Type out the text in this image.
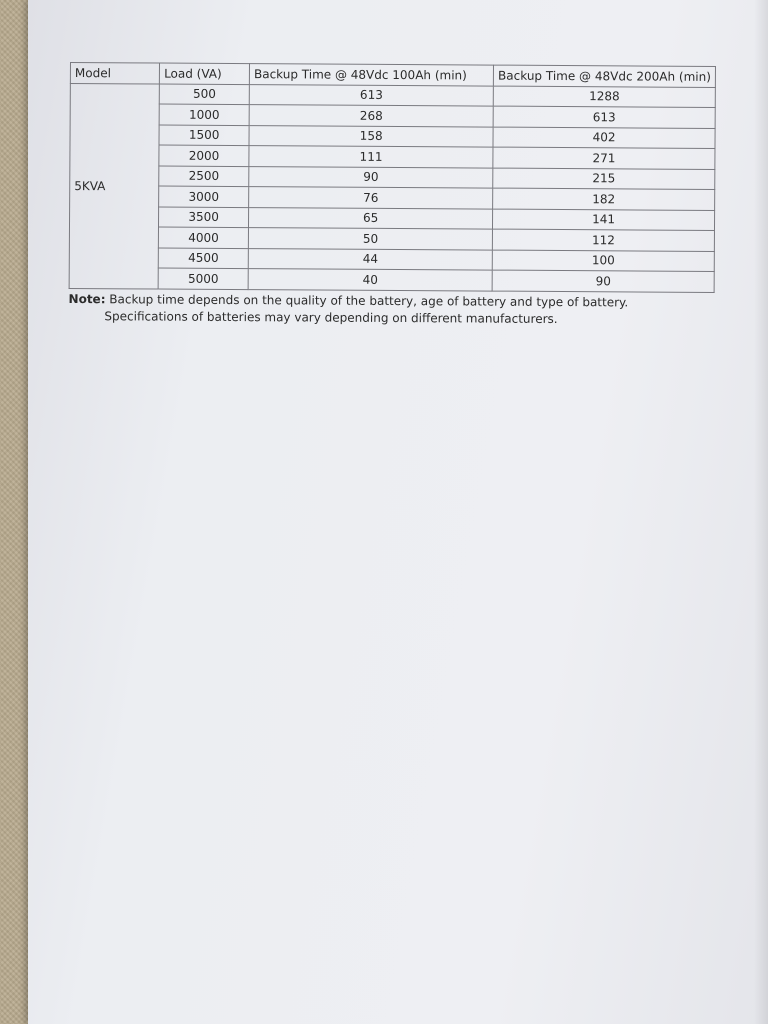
Model	Load (VA)	Backup Time @ 48Vdc 100Ah (min)	Backup Time @ 48Vdc 200Ah (min)
5KVA	500	613	1288
	1000	268	613
	1500	158	402
	2000	111	271
	2500	90	215
	3000	76	182
	3500	65	141
	4000	50	112
	4500	44	100
	5000	40	90
Note: Backup time depends on the quality of the battery, age of battery and type of battery.
Specifications of batteries may vary depending on different manufacturers.
